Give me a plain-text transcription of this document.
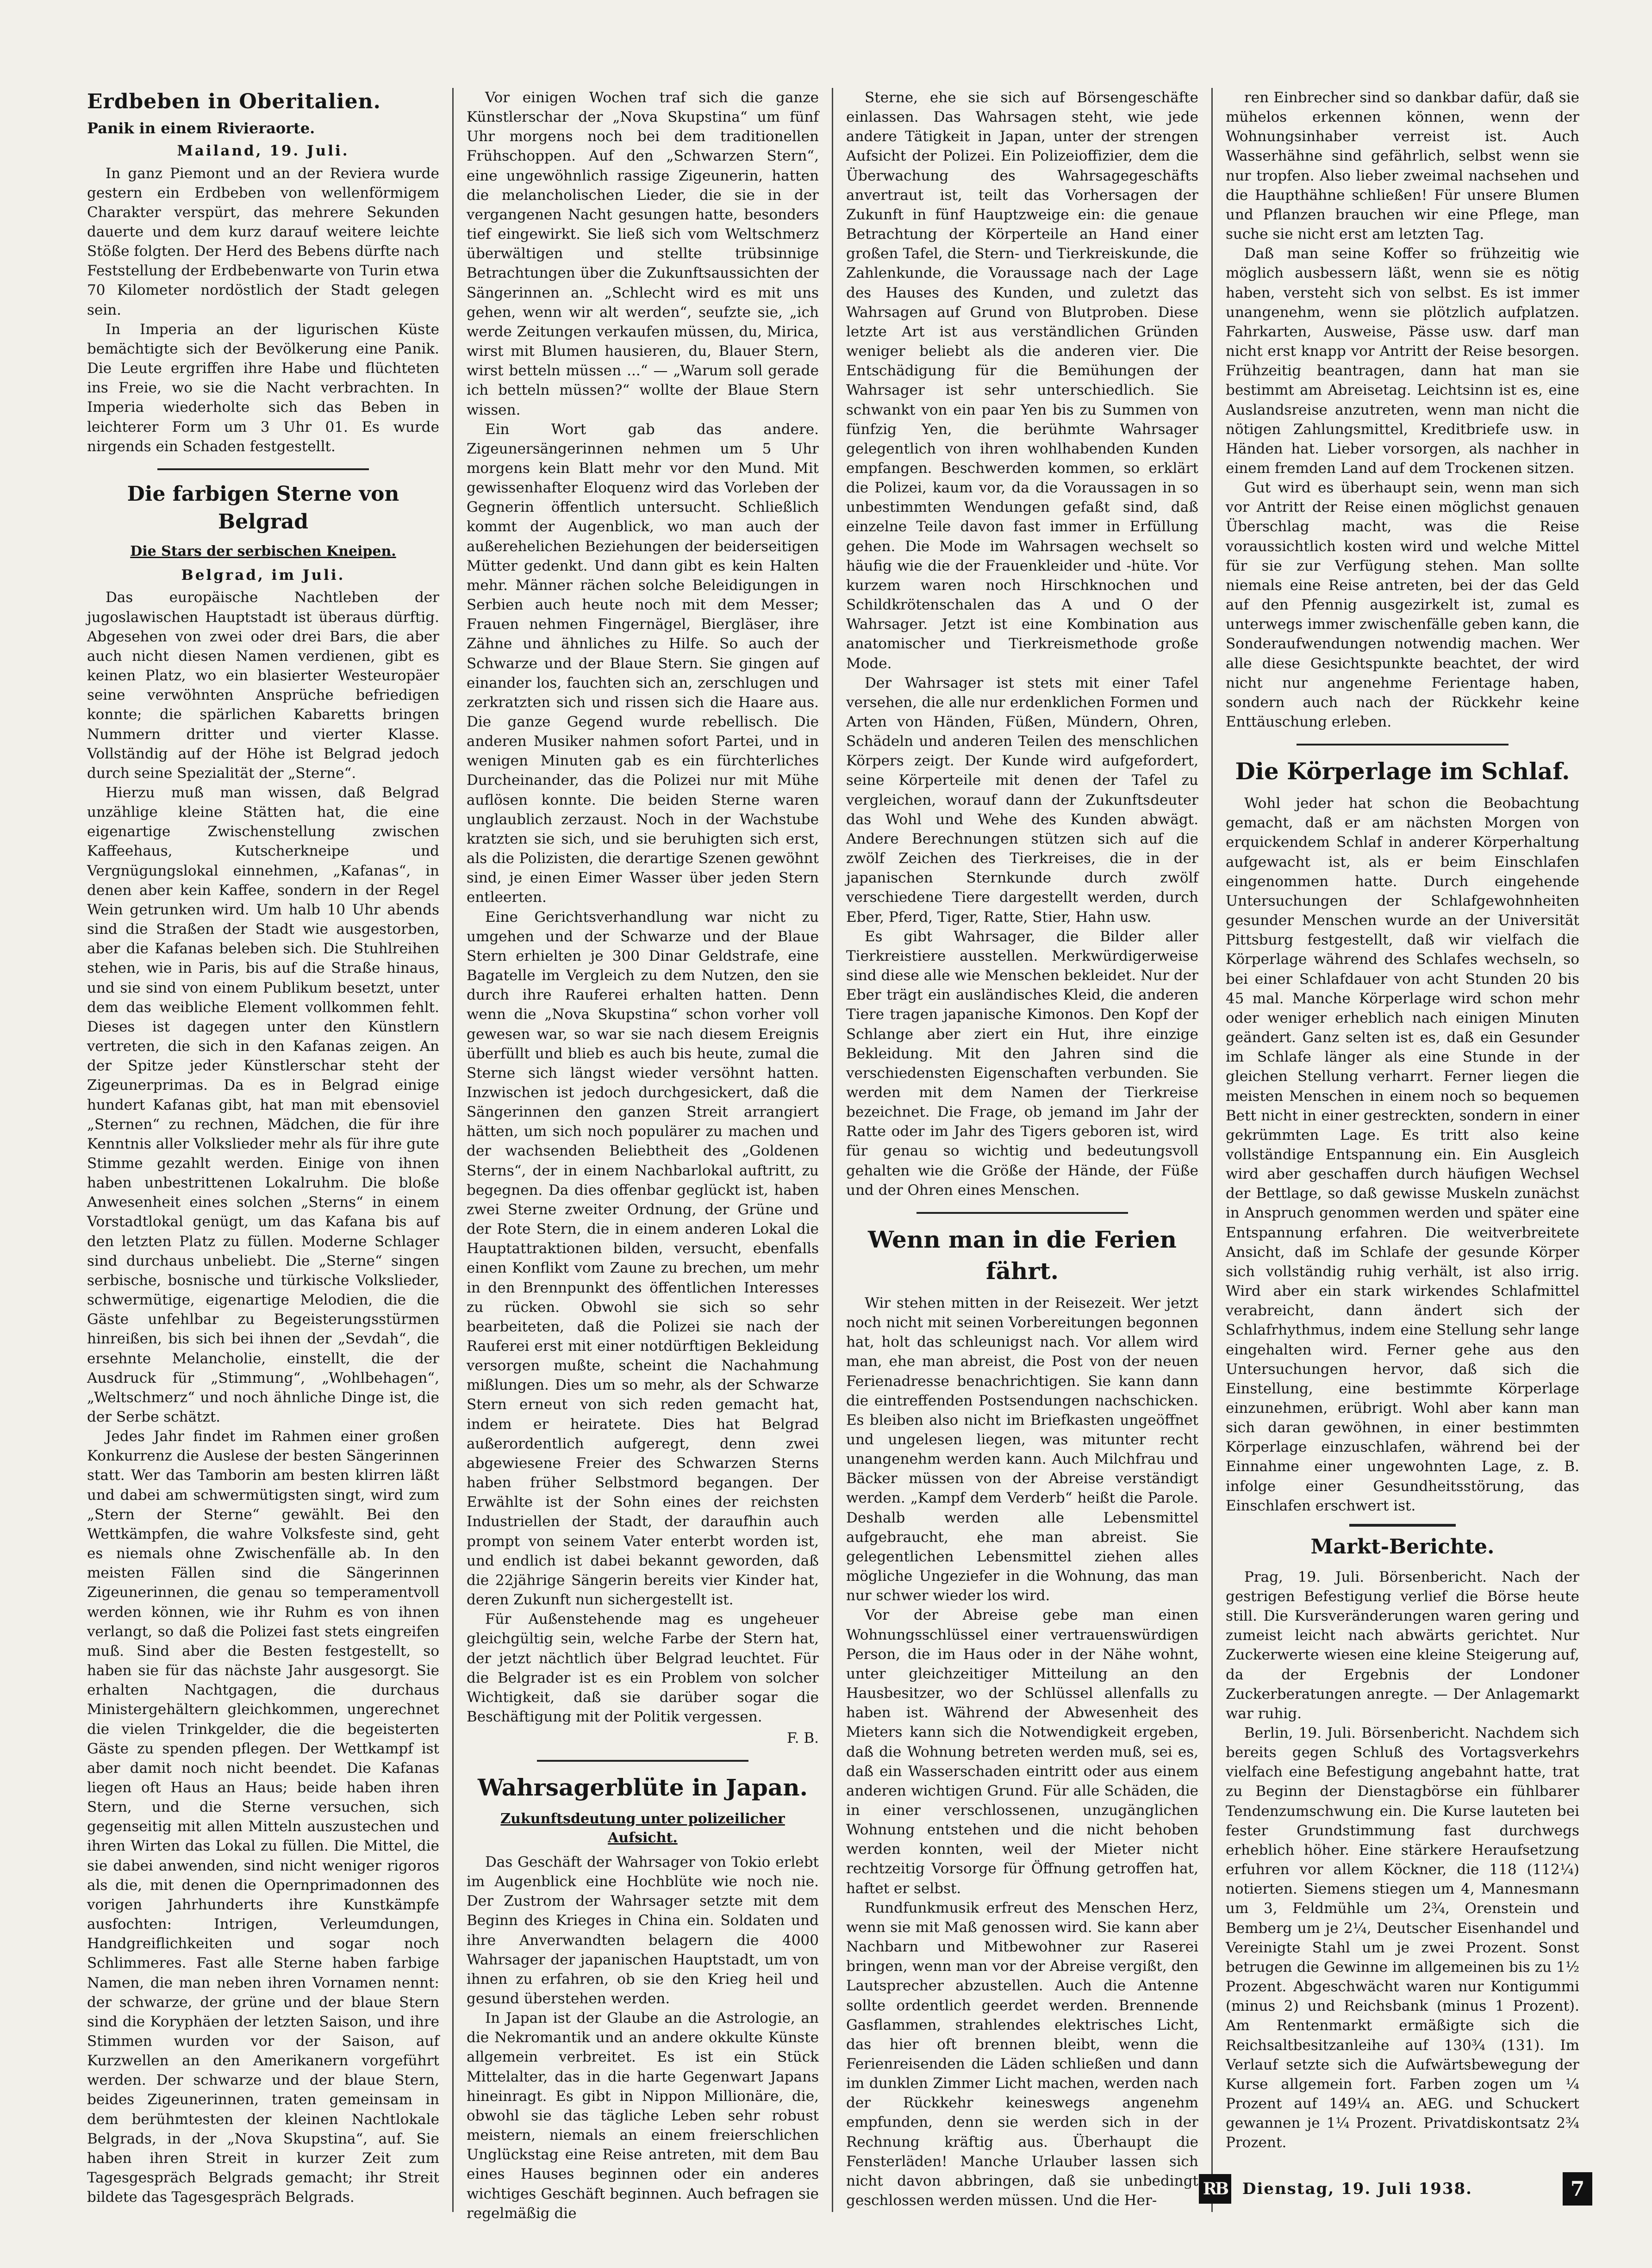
Erdbeben in Oberitalien.
Panik in einem Rivieraorte.
Mailand, 19. Juli.

In ganz Piemont und an der Reviera wurde gestern ein Erdbeben von wellenförmigem Charakter verspürt, das mehrere Sekunden dauerte und dem kurz darauf weitere leichte Stöße folgten. Der Herd des Bebens dürfte nach Feststellung der Erdbebenwarte von Turin etwa 70 Kilometer nordöstlich der Stadt gelegen sein.

In Imperia an der ligurischen Küste bemächtigte sich der Bevölkerung eine Panik. Die Leute ergriffen ihre Habe und flüchteten ins Freie, wo sie die Nacht verbrachten. In Imperia wiederholte sich das Beben in leichterer Form um 3 Uhr 01. Es wurde nirgends ein Schaden festgestellt.

Die farbigen Sterne von Belgrad
Die Stars der serbischen Kneipen.
Belgrad, im Juli.

Das europäische Nachtleben der jugoslawischen Hauptstadt ist überaus dürftig. Abgesehen von zwei oder drei Bars, die aber auch nicht diesen Namen verdienen, gibt es keinen Platz, wo ein blasierter Westeuropäer seine verwöhnten Ansprüche befriedigen konnte; die spärlichen Kabaretts bringen Nummern dritter und vierter Klasse. Vollständig auf der Höhe ist Belgrad jedoch durch seine Spezialität der „Sterne“.

Hierzu muß man wissen, daß Belgrad unzählige kleine Stätten hat, die eine eigenartige Zwischenstellung zwischen Kaffeehaus, Kutscherkneipe und Vergnügungslokal einnehmen, „Kafanas“, in denen aber kein Kaffee, sondern in der Regel Wein getrunken wird. Um halb 10 Uhr abends sind die Straßen der Stadt wie ausgestorben, aber die Kafanas beleben sich. Die Stuhlreihen stehen, wie in Paris, bis auf die Straße hinaus, und sie sind von einem Publikum besetzt, unter dem das weibliche Element vollkommen fehlt. Dieses ist dagegen unter den Künstlern vertreten, die sich in den Kafanas zeigen. An der Spitze jeder Künstlerschar steht der Zigeunerprimas. Da es in Belgrad einige hundert Kafanas gibt, hat man mit ebensoviel „Sternen“ zu rechnen, Mädchen, die für ihre Kenntnis aller Volkslieder mehr als für ihre gute Stimme gezahlt werden. Einige von ihnen haben unbestrittenen Lokalruhm. Die bloße Anwesenheit eines solchen „Sterns“ in einem Vorstadtlokal genügt, um das Kafana bis auf den letzten Platz zu füllen. Moderne Schlager sind durchaus unbeliebt. Die „Sterne“ singen serbische, bosnische und türkische Volkslieder, schwermütige, eigenartige Melodien, die die Gäste unfehlbar zu Begeisterungsstürmen hinreißen, bis sich bei ihnen der „Sevdah“, die ersehnte Melancholie, einstellt, die der Ausdruck für „Stimmung“, „Wohlbehagen“, „Weltschmerz“ und noch ähnliche Dinge ist, die der Serbe schätzt.

Jedes Jahr findet im Rahmen einer großen Konkurrenz die Auslese der besten Sängerinnen statt. Wer das Tamborin am besten klirren läßt und dabei am schwermütigsten singt, wird zum „Stern der Sterne“ gewählt. Bei den Wettkämpfen, die wahre Volksfeste sind, geht es niemals ohne Zwischenfälle ab. In den meisten Fällen sind die Sängerinnen Zigeunerinnen, die genau so temperamentvoll werden können, wie ihr Ruhm es von ihnen verlangt, so daß die Polizei fast stets eingreifen muß. Sind aber die Besten festgestellt, so haben sie für das nächste Jahr ausgesorgt. Sie erhalten Nachtgagen, die durchaus Ministergehältern gleichkommen, ungerechnet die vielen Trinkgelder, die die begeisterten Gäste zu spenden pflegen. Der Wettkampf ist aber damit noch nicht beendet. Die Kafanas liegen oft Haus an Haus; beide haben ihren Stern, und die Sterne versuchen, sich gegenseitig mit allen Mitteln auszustechen und ihren Wirten das Lokal zu füllen. Die Mittel, die sie dabei anwenden, sind nicht weniger rigoros als die, mit denen die Opernprimadonnen des vorigen Jahrhunderts ihre Kunstkämpfe ausfochten: Intrigen, Verleumdungen, Handgreiflichkeiten und sogar noch Schlimmeres. Fast alle Sterne haben farbige Namen, die man neben ihren Vornamen nennt: der schwarze, der grüne und der blaue Stern sind die Koryphäen der letzten Saison, und ihre Stimmen wurden vor der Saison, auf Kurzwellen an den Amerikanern vorgeführt werden. Der schwarze und der blaue Stern, beides Zigeunerinnen, traten gemeinsam in dem berühmtesten der kleinen Nachtlokale Belgrads, in der „Nova Skupstina“, auf. Sie haben ihren Streit in kurzer Zeit zum Tagesgespräch Belgrads gemacht; ihr Streit bildete das Tagesgespräch Belgrads.

Vor einigen Wochen traf sich die ganze Künstlerschar der „Nova Skupstina“ um fünf Uhr morgens noch bei dem traditionellen Frühschoppen. Auf den „Schwarzen Stern“, eine ungewöhnlich rassige Zigeunerin, hatten die melancholischen Lieder, die sie in der vergangenen Nacht gesungen hatte, besonders tief eingewirkt. Sie ließ sich vom Weltschmerz überwältigen und stellte trübsinnige Betrachtungen über die Zukunftsaussichten der Sängerinnen an. „Schlecht wird es mit uns gehen, wenn wir alt werden“, seufzte sie, „ich werde Zeitungen verkaufen müssen, du, Mirica, wirst mit Blumen hausieren, du, Blauer Stern, wirst betteln müssen ...“ — „Warum soll gerade ich betteln müssen?“ wollte der Blaue Stern wissen.

Ein Wort gab das andere. Zigeunersängerinnen nehmen um 5 Uhr morgens kein Blatt mehr vor den Mund. Mit gewissenhafter Eloquenz wird das Vorleben der Gegnerin öffentlich untersucht. Schließlich kommt der Augenblick, wo man auch der außerehelichen Beziehungen der beiderseitigen Mütter gedenkt. Und dann gibt es kein Halten mehr. Männer rächen solche Beleidigungen in Serbien auch heute noch mit dem Messer; Frauen nehmen Fingernägel, Biergläser, ihre Zähne und ähnliches zu Hilfe. So auch der Schwarze und der Blaue Stern. Sie gingen auf einander los, fauchten sich an, zerschlugen und zerkratzten sich und rissen sich die Haare aus. Die ganze Gegend wurde rebellisch. Die anderen Musiker nahmen sofort Partei, und in wenigen Minuten gab es ein fürchterliches Durcheinander, das die Polizei nur mit Mühe auflösen konnte. Die beiden Sterne waren unglaublich zerzaust. Noch in der Wachstube kratzten sie sich, und sie beruhigten sich erst, als die Polizisten, die derartige Szenen gewöhnt sind, je einen Eimer Wasser über jeden Stern entleerten.

Eine Gerichtsverhandlung war nicht zu umgehen und der Schwarze und der Blaue Stern erhielten je 300 Dinar Geldstrafe, eine Bagatelle im Vergleich zu dem Nutzen, den sie durch ihre Rauferei erhalten hatten. Denn wenn die „Nova Skupstina“ schon vorher voll gewesen war, so war sie nach diesem Ereignis überfüllt und blieb es auch bis heute, zumal die Sterne sich längst wieder versöhnt hatten. Inzwischen ist jedoch durchgesickert, daß die Sängerinnen den ganzen Streit arrangiert hätten, um sich noch populärer zu machen und der wachsenden Beliebtheit des „Goldenen Sterns“, der in einem Nachbarlokal auftritt, zu begegnen. Da dies offenbar geglückt ist, haben zwei Sterne zweiter Ordnung, der Grüne und der Rote Stern, die in einem anderen Lokal die Hauptattraktionen bilden, versucht, ebenfalls einen Konflikt vom Zaune zu brechen, um mehr in den Brennpunkt des öffentlichen Interesses zu rücken. Obwohl sie sich so sehr bearbeiteten, daß die Polizei sie nach der Rauferei erst mit einer notdürftigen Bekleidung versorgen mußte, scheint die Nachahmung mißlungen. Dies um so mehr, als der Schwarze Stern erneut von sich reden gemacht hat, indem er heiratete. Dies hat Belgrad außerordentlich aufgeregt, denn zwei abgewiesene Freier des Schwarzen Sterns haben früher Selbstmord begangen. Der Erwählte ist der Sohn eines der reichsten Industriellen der Stadt, der daraufhin auch prompt von seinem Vater enterbt worden ist, und endlich ist dabei bekannt geworden, daß die 22jährige Sängerin bereits vier Kinder hat, deren Zukunft nun sichergestellt ist.

Für Außenstehende mag es ungeheuer gleichgültig sein, welche Farbe der Stern hat, der jetzt nächtlich über Belgrad leuchtet. Für die Belgrader ist es ein Problem von solcher Wichtigkeit, daß sie darüber sogar die Beschäftigung mit der Politik vergessen.

F. B.
Wahrsagerblüte in Japan.
Zukunftsdeutung unter polizeilicher Aufsicht.

Das Geschäft der Wahrsager von Tokio erlebt im Augenblick eine Hochblüte wie noch nie. Der Zustrom der Wahrsager setzte mit dem Beginn des Krieges in China ein. Soldaten und ihre Anverwandten belagern die 4000 Wahrsager der japanischen Hauptstadt, um von ihnen zu erfahren, ob sie den Krieg heil und gesund überstehen werden.

In Japan ist der Glaube an die Astrologie, an die Nekromantik und an andere okkulte Künste allgemein verbreitet. Es ist ein Stück Mittelalter, das in die harte Gegenwart Japans hineinragt. Es gibt in Nippon Millionäre, die, obwohl sie das tägliche Leben sehr robust meistern, niemals an einem freierschlichen Unglückstag eine Reise antreten, mit dem Bau eines Hauses beginnen oder ein anderes wichtiges Geschäft beginnen. Auch befragen sie regelmäßig die

Sterne, ehe sie sich auf Börsengeschäfte einlassen. Das Wahrsagen steht, wie jede andere Tätigkeit in Japan, unter der strengen Aufsicht der Polizei. Ein Polizeioffizier, dem die Überwachung des Wahrsagegeschäfts anvertraut ist, teilt das Vorhersagen der Zukunft in fünf Hauptzweige ein: die genaue Betrachtung der Körperteile an Hand einer großen Tafel, die Stern- und Tierkreiskunde, die Zahlenkunde, die Voraussage nach der Lage des Hauses des Kunden, und zuletzt das Wahrsagen auf Grund von Blutproben. Diese letzte Art ist aus verständlichen Gründen weniger beliebt als die anderen vier. Die Entschädigung für die Bemühungen der Wahrsager ist sehr unterschiedlich. Sie schwankt von ein paar Yen bis zu Summen von fünfzig Yen, die berühmte Wahrsager gelegentlich von ihren wohlhabenden Kunden empfangen. Beschwerden kommen, so erklärt die Polizei, kaum vor, da die Voraussagen in so unbestimmten Wendungen gefaßt sind, daß einzelne Teile davon fast immer in Erfüllung gehen. Die Mode im Wahrsagen wechselt so häufig wie die der Frauenkleider und -hüte. Vor kurzem waren noch Hirschknochen und Schildkrötenschalen das A und O der Wahrsager. Jetzt ist eine Kombination aus anatomischer und Tierkreismethode große Mode.

Der Wahrsager ist stets mit einer Tafel versehen, die alle nur erdenklichen Formen und Arten von Händen, Füßen, Mündern, Ohren, Schädeln und anderen Teilen des menschlichen Körpers zeigt. Der Kunde wird aufgefordert, seine Körperteile mit denen der Tafel zu vergleichen, worauf dann der Zukunftsdeuter das Wohl und Wehe des Kunden abwägt. Andere Berechnungen stützen sich auf die zwölf Zeichen des Tierkreises, die in der japanischen Sternkunde durch zwölf verschiedene Tiere dargestellt werden, durch Eber, Pferd, Tiger, Ratte, Stier, Hahn usw.

Es gibt Wahrsager, die Bilder aller Tierkreistiere ausstellen. Merkwürdigerweise sind diese alle wie Menschen bekleidet. Nur der Eber trägt ein ausländisches Kleid, die anderen Tiere tragen japanische Kimonos. Den Kopf der Schlange aber ziert ein Hut, ihre einzige Bekleidung. Mit den Jahren sind die verschiedensten Eigenschaften verbunden. Sie werden mit dem Namen der Tierkreise bezeichnet. Die Frage, ob jemand im Jahr der Ratte oder im Jahr des Tigers geboren ist, wird für genau so wichtig und bedeutungsvoll gehalten wie die Größe der Hände, der Füße und der Ohren eines Menschen.

Wenn man in die Ferien fährt.

Wir stehen mitten in der Reisezeit. Wer jetzt noch nicht mit seinen Vorbereitungen begonnen hat, holt das schleunigst nach. Vor allem wird man, ehe man abreist, die Post von der neuen Ferienadresse benachrichtigen. Sie kann dann die eintreffenden Postsendungen nachschicken. Es bleiben also nicht im Briefkasten ungeöffnet und ungelesen liegen, was mitunter recht unangenehm werden kann. Auch Milchfrau und Bäcker müssen von der Abreise verständigt werden. „Kampf dem Verderb“ heißt die Parole. Deshalb werden alle Lebensmittel aufgebraucht, ehe man abreist. Sie gelegentlichen Lebensmittel ziehen alles mögliche Ungeziefer in die Wohnung, das man nur schwer wieder los wird.

Vor der Abreise gebe man einen Wohnungsschlüssel einer vertrauenswürdigen Person, die im Haus oder in der Nähe wohnt, unter gleichzeitiger Mitteilung an den Hausbesitzer, wo der Schlüssel allenfalls zu haben ist. Während der Abwesenheit des Mieters kann sich die Notwendigkeit ergeben, daß die Wohnung betreten werden muß, sei es, daß ein Wasserschaden eintritt oder aus einem anderen wichtigen Grund. Für alle Schäden, die in einer verschlossenen, unzugänglichen Wohnung entstehen und die nicht behoben werden konnten, weil der Mieter nicht rechtzeitig Vorsorge für Öffnung getroffen hat, haftet er selbst.

Rundfunkmusik erfreut des Menschen Herz, wenn sie mit Maß genossen wird. Sie kann aber Nachbarn und Mitbewohner zur Raserei bringen, wenn man vor der Abreise vergißt, den Lautsprecher abzustellen. Auch die Antenne sollte ordentlich geerdet werden. Brennende Gasflammen, strahlendes elektrisches Licht, das hier oft brennen bleibt, wenn die Ferienreisenden die Läden schließen und dann im dunklen Zimmer Licht machen, werden nach der Rückkehr keineswegs angenehm empfunden, denn sie werden sich in der Rechnung kräftig aus. Überhaupt die Fensterläden! Manche Urlauber lassen sich nicht davon abbringen, daß sie unbedingt geschlossen werden müssen. Und die Her-

ren Einbrecher sind so dankbar dafür, daß sie mühelos erkennen können, wenn der Wohnungsinhaber verreist ist. Auch Wasserhähne sind gefährlich, selbst wenn sie nur tropfen. Also lieber zweimal nachsehen und die Haupthähne schließen! Für unsere Blumen und Pflanzen brauchen wir eine Pflege, man suche sie nicht erst am letzten Tag.

Daß man seine Koffer so frühzeitig wie möglich ausbessern läßt, wenn sie es nötig haben, versteht sich von selbst. Es ist immer unangenehm, wenn sie plötzlich aufplatzen. Fahrkarten, Ausweise, Pässe usw. darf man nicht erst knapp vor Antritt der Reise besorgen. Frühzeitig beantragen, dann hat man sie bestimmt am Abreisetag. Leichtsinn ist es, eine Auslandsreise anzutreten, wenn man nicht die nötigen Zahlungsmittel, Kreditbriefe usw. in Händen hat. Lieber vorsorgen, als nachher in einem fremden Land auf dem Trockenen sitzen.

Gut wird es überhaupt sein, wenn man sich vor Antritt der Reise einen möglichst genauen Überschlag macht, was die Reise voraussichtlich kosten wird und welche Mittel für sie zur Verfügung stehen. Man sollte niemals eine Reise antreten, bei der das Geld auf den Pfennig ausgezirkelt ist, zumal es unterwegs immer zwischenfälle geben kann, die Sonderaufwendungen notwendig machen. Wer alle diese Gesichtspunkte beachtet, der wird nicht nur angenehme Ferientage haben, sondern auch nach der Rückkehr keine Enttäuschung erleben.

Die Körperlage im Schlaf.

Wohl jeder hat schon die Beobachtung gemacht, daß er am nächsten Morgen von erquickendem Schlaf in anderer Körperhaltung aufgewacht ist, als er beim Einschlafen eingenommen hatte. Durch eingehende Untersuchungen der Schlafgewohnheiten gesunder Menschen wurde an der Universität Pittsburg festgestellt, daß wir vielfach die Körperlage während des Schlafes wechseln, so bei einer Schlafdauer von acht Stunden 20 bis 45 mal. Manche Körperlage wird schon mehr oder weniger erheblich nach einigen Minuten geändert. Ganz selten ist es, daß ein Gesunder im Schlafe länger als eine Stunde in der gleichen Stellung verharrt. Ferner liegen die meisten Menschen in einem noch so bequemen Bett nicht in einer gestreckten, sondern in einer gekrümmten Lage. Es tritt also keine vollständige Entspannung ein. Ein Ausgleich wird aber geschaffen durch häufigen Wechsel der Bettlage, so daß gewisse Muskeln zunächst in Anspruch genommen werden und später eine Entspannung erfahren. Die weitverbreitete Ansicht, daß im Schlafe der gesunde Körper sich vollständig ruhig verhält, ist also irrig. Wird aber ein stark wirkendes Schlafmittel verabreicht, dann ändert sich der Schlafrhythmus, indem eine Stellung sehr lange eingehalten wird. Ferner gehe aus den Untersuchungen hervor, daß sich die Einstellung, eine bestimmte Körperlage einzunehmen, erübrigt. Wohl aber kann man sich daran gewöhnen, in einer bestimmten Körperlage einzuschlafen, während bei der Einnahme einer ungewohnten Lage, z. B. infolge einer Gesundheitsstörung, das Einschlafen erschwert ist.

Markt-Berichte.

Prag, 19. Juli. Börsenbericht. Nach der gestrigen Befestigung verlief die Börse heute still. Die Kursveränderungen waren gering und zumeist leicht nach abwärts gerichtet. Nur Zuckerwerte wiesen eine kleine Steigerung auf, da der Ergebnis der Londoner Zuckerberatungen anregte. — Der Anlagemarkt war ruhig.

Berlin, 19. Juli. Börsenbericht. Nachdem sich bereits gegen Schluß des Vortagsverkehrs vielfach eine Befestigung angebahnt hatte, trat zu Beginn der Dienstagbörse ein fühlbarer Tendenzumschwung ein. Die Kurse lauteten bei fester Grundstimmung fast durchwegs erheblich höher. Eine stärkere Heraufsetzung erfuhren vor allem Köckner, die 118 (112¼) notierten. Siemens stiegen um 4, Mannesmann um 3, Feldmühle um 2¾, Orenstein und Bemberg um je 2¼, Deutscher Eisenhandel und Vereinigte Stahl um je zwei Prozent. Sonst betrugen die Gewinne im allgemeinen bis zu 1½ Prozent. Abgeschwächt waren nur Kontigummi (minus 2) und Reichsbank (minus 1 Prozent). Am Rentenmarkt ermäßigte sich die Reichsaltbesitzanleihe auf 130¾ (131). Im Verlauf setzte sich die Aufwärtsbewegung der Kurse allgemein fort. Farben zogen um ¼ Prozent auf 149¼ an. AEG. und Schuckert gewannen je 1¼ Prozent. Privatdiskontsatz 2¾ Prozent.

RB Dienstag, 19. Juli 1938.	7
